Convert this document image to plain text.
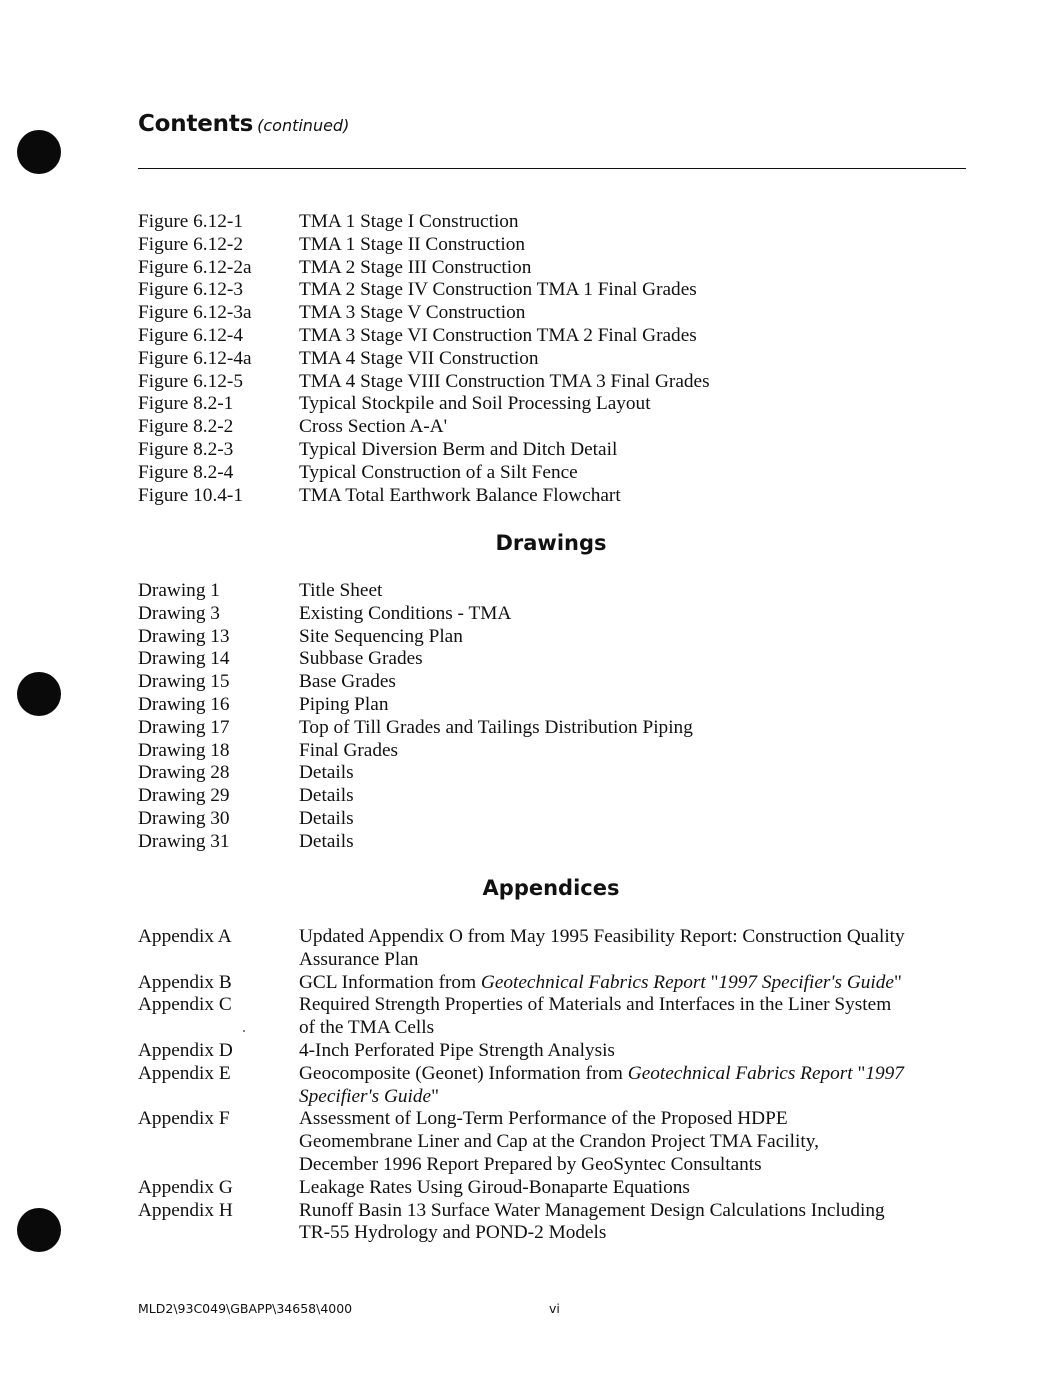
Contents (continued)
Figure 6.12-1	TMA 1 Stage I Construction
Figure 6.12-2	TMA 1 Stage II Construction
Figure 6.12-2a	TMA 2 Stage III Construction
Figure 6.12-3	TMA 2 Stage IV Construction TMA 1 Final Grades
Figure 6.12-3a	TMA 3 Stage V Construction
Figure 6.12-4	TMA 3 Stage VI Construction TMA 2 Final Grades
Figure 6.12-4a	TMA 4 Stage VII Construction
Figure 6.12-5	TMA 4 Stage VIII Construction TMA 3 Final Grades
Figure 8.2-1	Typical Stockpile and Soil Processing Layout
Figure 8.2-2	Cross Section A-A'
Figure 8.2-3	Typical Diversion Berm and Ditch Detail
Figure 8.2-4	Typical Construction of a Silt Fence
Figure 10.4-1	TMA Total Earthwork Balance Flowchart
Drawings
Drawing 1	Title Sheet
Drawing 3	Existing Conditions - TMA
Drawing 13	Site Sequencing Plan
Drawing 14	Subbase Grades
Drawing 15	Base Grades
Drawing 16	Piping Plan
Drawing 17	Top of Till Grades and Tailings Distribution Piping
Drawing 18	Final Grades
Drawing 28	Details
Drawing 29	Details
Drawing 30	Details
Drawing 31	Details
Appendices
Appendix A	Updated Appendix O from May 1995 Feasibility Report: Construction Quality
Assurance Plan
Appendix B	GCL Information from Geotechnical Fabrics Report "1997 Specifier's Guide"
Appendix C	Required Strength Properties of Materials and Interfaces in the Liner System
of the TMA Cells
Appendix D	4-Inch Perforated Pipe Strength Analysis
Appendix E	Geocomposite (Geonet) Information from Geotechnical Fabrics Report "1997
Specifier's Guide"
Appendix F	Assessment of Long-Term Performance of the Proposed HDPE
Geomembrane Liner and Cap at the Crandon Project TMA Facility,
December 1996 Report Prepared by GeoSyntec Consultants
Appendix G	Leakage Rates Using Giroud-Bonaparte Equations
Appendix H	Runoff Basin 13 Surface Water Management Design Calculations Including
TR-55 Hydrology and POND-2 Models
MLD2\93C049\GBAPP\34658\4000	vi
